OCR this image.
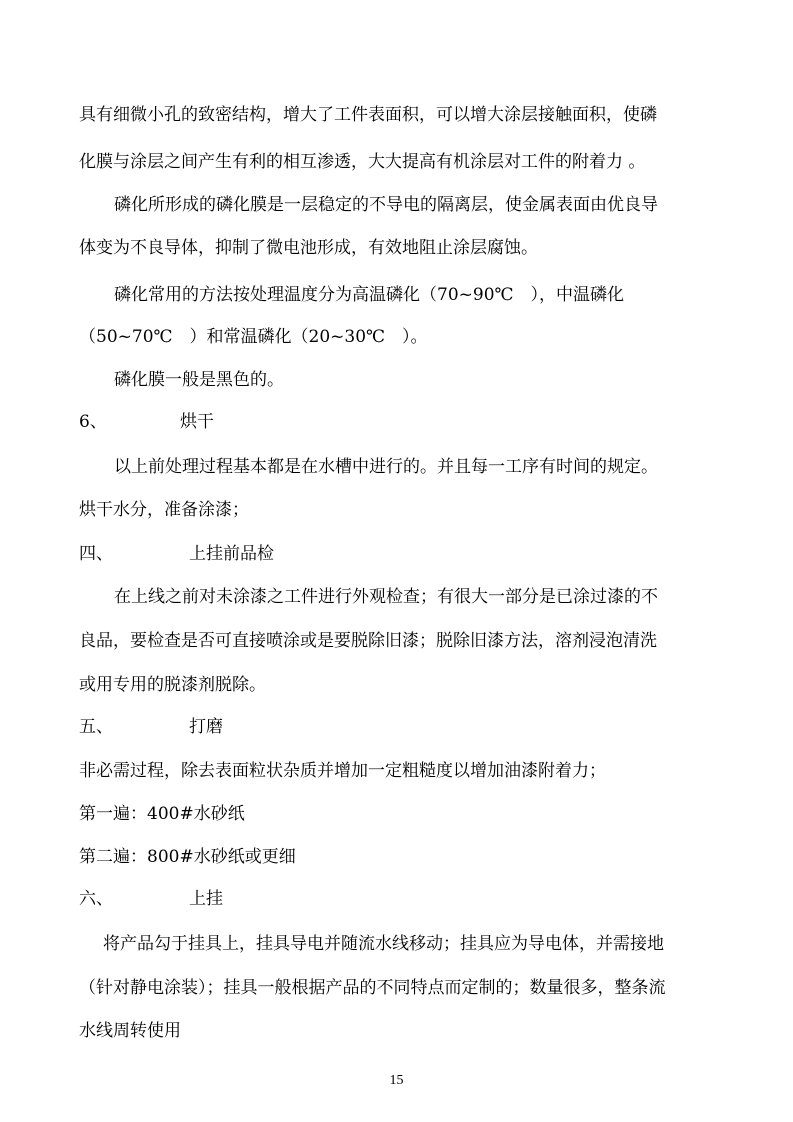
具有细微小孔的致密结构，增大了工件表面积，可以增大涂层接触面积，使磷
化膜与涂层之间产生有利的相互渗透，大大提高有机涂层对工件的附着力 。
磷化所形成的磷化膜是一层稳定的不导电的隔离层，使金属表面由优良导
体变为不良导体，抑制了微电池形成，有效地阻止涂层腐蚀。
磷化常用的方法按处理温度分为高温磷化（70~90℃　），中温磷化
（50~70℃　）和常温磷化（20~30℃　）。
磷化膜一般是黑色的。
6、	烘干
以上前处理过程基本都是在水槽中进行的。并且每一工序有时间的规定。
烘干水分，准备涂漆；
四、	上挂前品检
在上线之前对未涂漆之工件进行外观检查；有很大一部分是已涂过漆的不
良品，要检查是否可直接喷涂或是要脱除旧漆；脱除旧漆方法，溶剂浸泡清洗
或用专用的脱漆剂脱除。
五、	打磨
非必需过程，除去表面粒状杂质并增加一定粗糙度以增加油漆附着力；
第一遍：400#水砂纸
第二遍：800#水砂纸或更细
六、	上挂
将产品勾于挂具上，挂具导电并随流水线移动；挂具应为导电体，并需接地
（针对静电涂装）；挂具一般根据产品的不同特点而定制的；数量很多，整条流
水线周转使用
15
